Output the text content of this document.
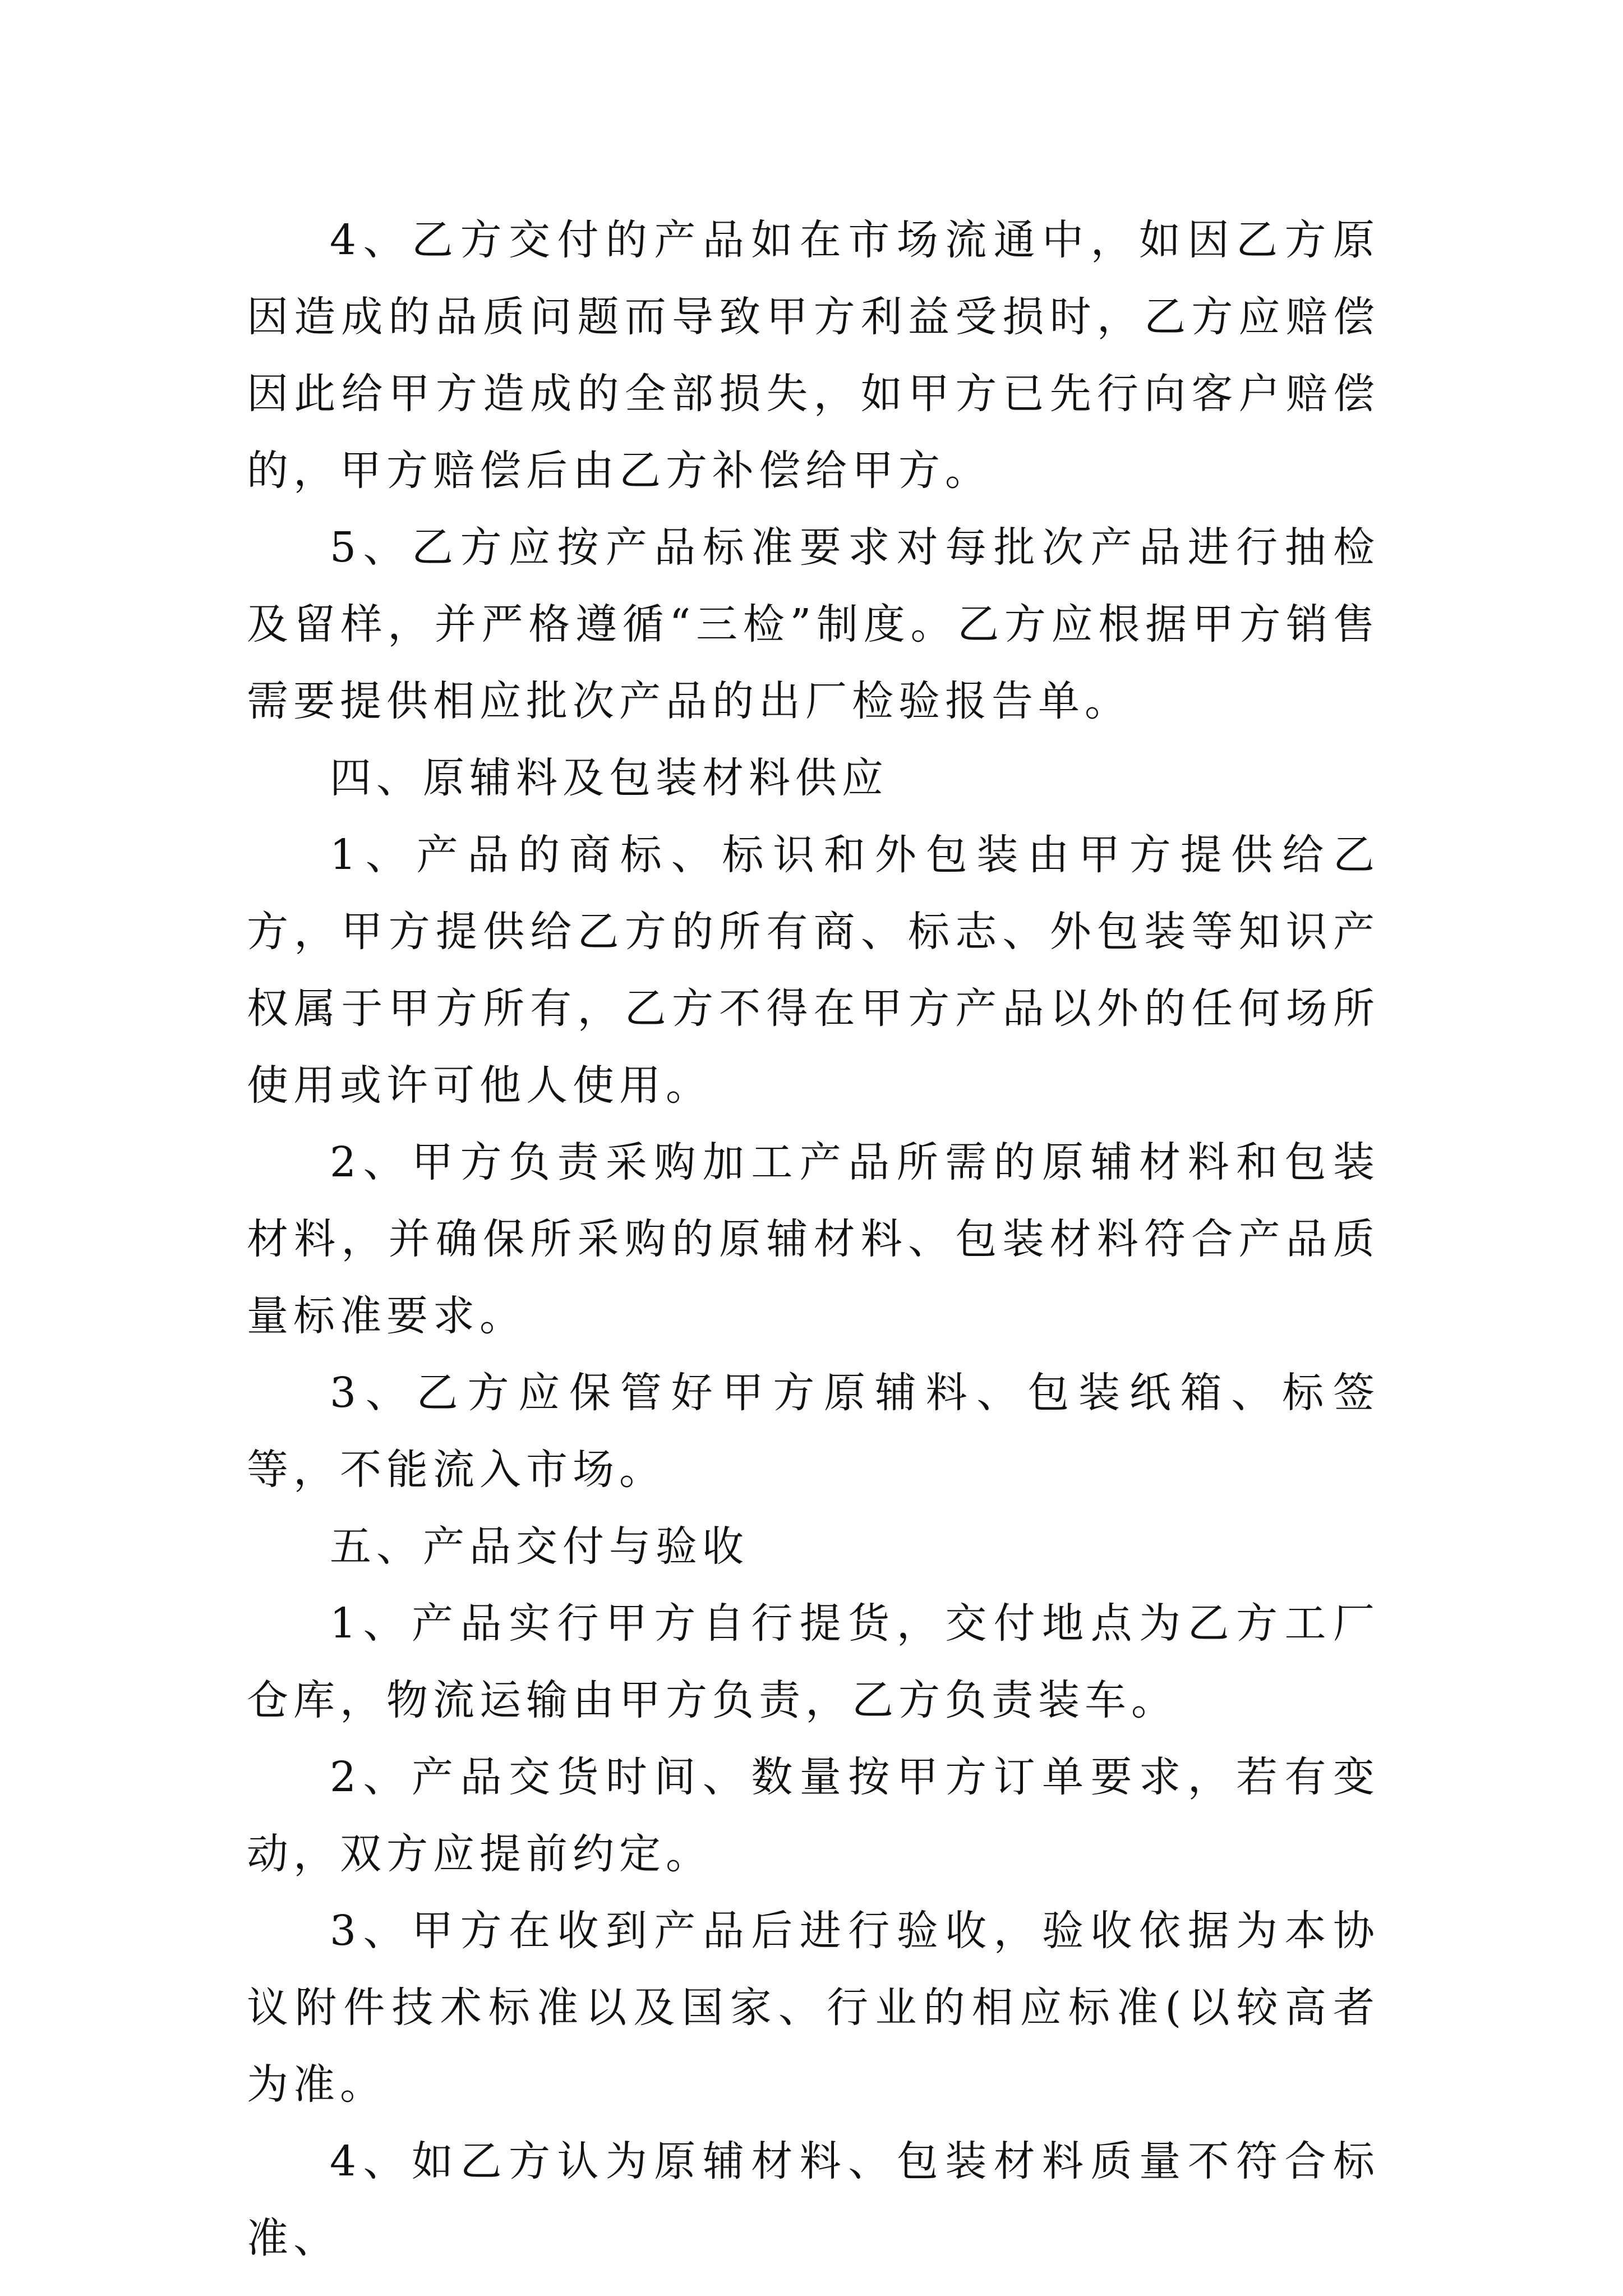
4、乙方交付的产品如在市场流通中，如因乙方原因造成的品质问题而导致甲方利益受损时，乙方应赔偿因此给甲方造成的全部损失，如甲方已先行向客户赔偿的，甲方赔偿后由乙方补偿给甲方。

5、乙方应按产品标准要求对每批次产品进行抽检及留样，并严格遵循“三检”制度。乙方应根据甲方销售需要提供相应批次产品的出厂检验报告单。

四、原辅料及包装材料供应

1、产品的商标、标识和外包装由甲方提供给乙方，甲方提供给乙方的所有商、标志、外包装等知识产权属于甲方所有，乙方不得在甲方产品以外的任何场所使用或许可他人使用。

2、甲方负责采购加工产品所需的原辅材料和包装材料，并确保所采购的原辅材料、包装材料符合产品质量标准要求。

3、乙方应保管好甲方原辅料、包装纸箱、标签等，不能流入市场。

五、产品交付与验收

1、产品实行甲方自行提货，交付地点为乙方工厂仓库，物流运输由甲方负责，乙方负责装车。

2、产品交货时间、数量按甲方订单要求，若有变动，双方应提前约定。

3、甲方在收到产品后进行验收，验收依据为本协议附件技术标准以及国家、行业的相应标准(以较高者为准。

4、如乙方认为原辅材料、包装材料质量不符合标准、
